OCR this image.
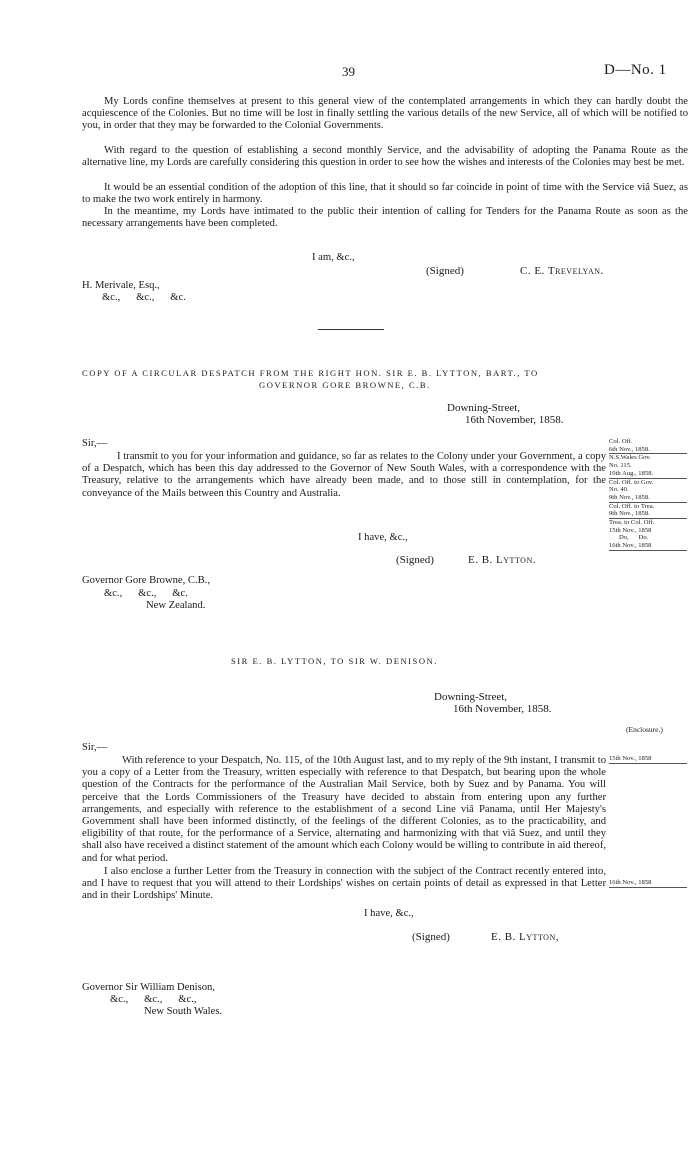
39	D—No. 1
My Lords confine themselves at present to this general view of the contemplated arrangements in which they can hardly doubt the acquiescence of the Colonies. But no time will be lost in finally settling the various details of the new Service, all of which will be notified to you, in order that they may be forwarded to the Colonial Governments.
With regard to the question of establishing a second monthly Service, and the advisability of adopting the Panama Route as the alternative line, my Lords are carefully considering this question in order to see how the wishes and interests of the Colonies may best be met.
It would be an essential condition of the adoption of this line, that it should so far coincide in point of time with the Service viâ Suez, as to make the two work entirely in harmony.
In the meantime, my Lords have intimated to the public their intention of calling for Tenders for the Panama Route as soon as the necessary arrangements have been completed.
I am, &c.,
(Signed)	C. E. Trevelyan.
H. Merivale, Esq.,
&c.,      &c.,      &c.
COPY OF A CIRCULAR DESPATCH FROM THE RIGHT HON. SIR E. B. LYTTON, BART., TO
GOVERNOR GORE BROWNE, C.B.
Downing-Street,
16th November, 1858.
Sir,—
I transmit to you for your information and guidance, so far as relates to the Colony under your Government, a copy of a Despatch, which has been this day addressed to the Governor of New South Wales, with a correspondence with the Treasury, relative to the arrangements which have already been made, and to those still in contemplation, for the conveyance of the Mails between this Country and Australia.
Col. Off.
6th Nov., 1858.
N.S.Wales Gov.
No. 115.
10th Aug., 1858.
Col. Off. to Gov.
No. 40.
9th Nov., 1858.
Col. Off. to Trea.
9th Nov., 1858.
Trea. to Col. Off.
15th Nov., 1858
Do,      Do.
16th Nov., 1858
I have, &c.,
(Signed)	E. B. Lytton.
Governor Gore Browne, C.B.,
&c.,      &c.,      &c.
New Zealand.
SIR E. B. LYTTON, TO SIR W. DENISON.
Downing-Street,
16th November, 1858.
(Enclosure.)
Sir,—
With reference to your Despatch, No. 115, of the 10th August last, and to my reply of the 9th instant, I transmit to you a copy of a Letter from the Treasury, written especially with reference to that Despatch, but bearing upon the whole question of the Contracts for the performance of the Australian Mail Service, both by Suez and by Panama. You will perceive that the Lords Commissioners of the Treasury have decided to abstain from entering upon any further arrangements, and especially with reference to the establishment of a second Line viâ Panama, until Her Majesty's Government shall have been informed distinctly, of the feelings of the different Colonies, as to the practicability, and eligibility of that route, for the performance of a Service, alternating and harmonizing with that viâ Suez, and until they shall also have received a distinct statement of the amount which each Colony would be willing to contribute in aid thereof, and for what period.
I also enclose a further Letter from the Treasury in connection with the subject of the Contract recently entered into, and I have to request that you will attend to their Lordships' wishes on certain points of detail as expressed in that Letter and in their Lordships' Minute.
15th Nov., 1858
16th Nov., 1858
I have, &c.,
(Signed)	E. B. Lytton,
Governor Sir William Denison,
&c.,      &c.,      &c.,
New South Wales.
